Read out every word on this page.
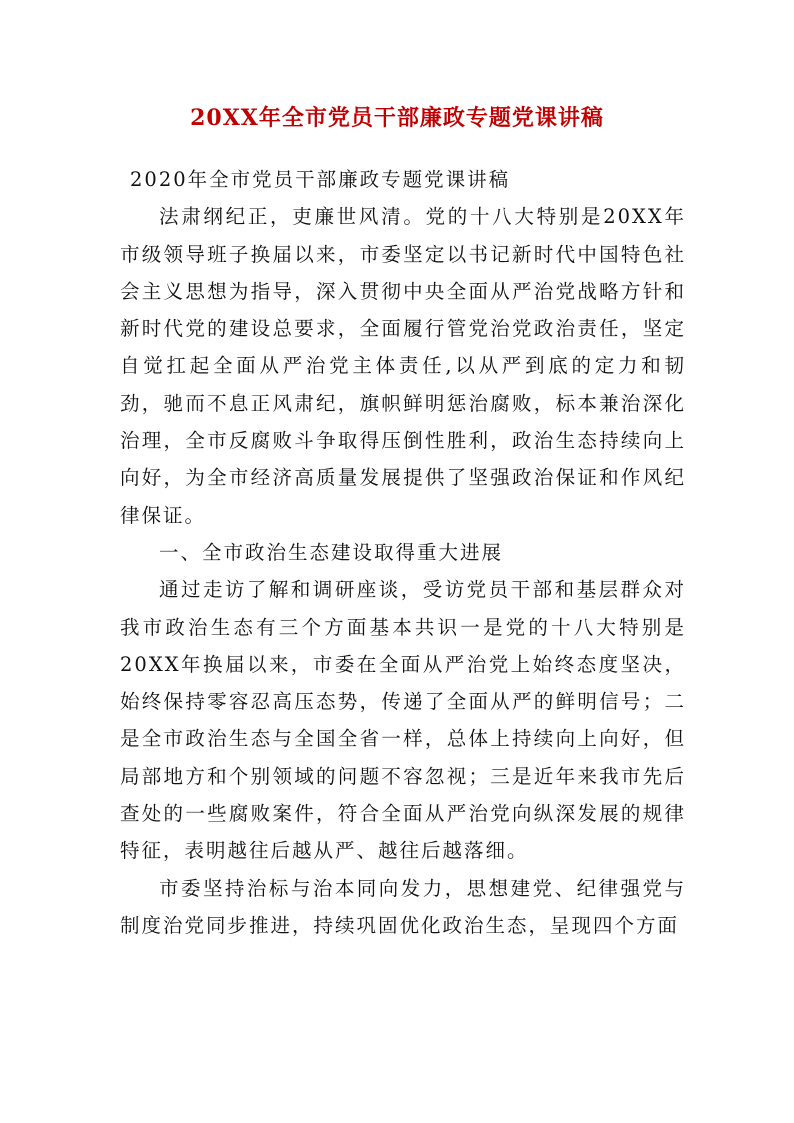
20XX年全市党员干部廉政专题党课讲稿

2020年全市党员干部廉政专题党课讲稿

法肃纲纪正，吏廉世风清。党的十八大特别是20XX年市级领导班子换届以来，市委坚定以书记新时代中国特色社会主义思想为指导，深入贯彻中央全面从严治党战略方针和新时代党的建设总要求，全面履行管党治党政治责任，坚定自觉扛起全面从严治党主体责任,以从严到底的定力和韧劲，驰而不息正风肃纪，旗帜鲜明惩治腐败，标本兼治深化治理，全市反腐败斗争取得压倒性胜利，政治生态持续向上向好，为全市经济高质量发展提供了坚强政治保证和作风纪律保证。

一、全市政治生态建设取得重大进展

通过走访了解和调研座谈，受访党员干部和基层群众对我市政治生态有三个方面基本共识一是党的十八大特别是20XX年换届以来，市委在全面从严治党上始终态度坚决，始终保持零容忍高压态势，传递了全面从严的鲜明信号；二是全市政治生态与全国全省一样，总体上持续向上向好，但局部地方和个别领域的问题不容忽视；三是近年来我市先后查处的一些腐败案件，符合全面从严治党向纵深发展的规律特征，表明越往后越从严、越往后越落细。

市委坚持治标与治本同向发力，思想建党、纪律强党与制度治党同步推进，持续巩固优化政治生态，呈现四个方面
